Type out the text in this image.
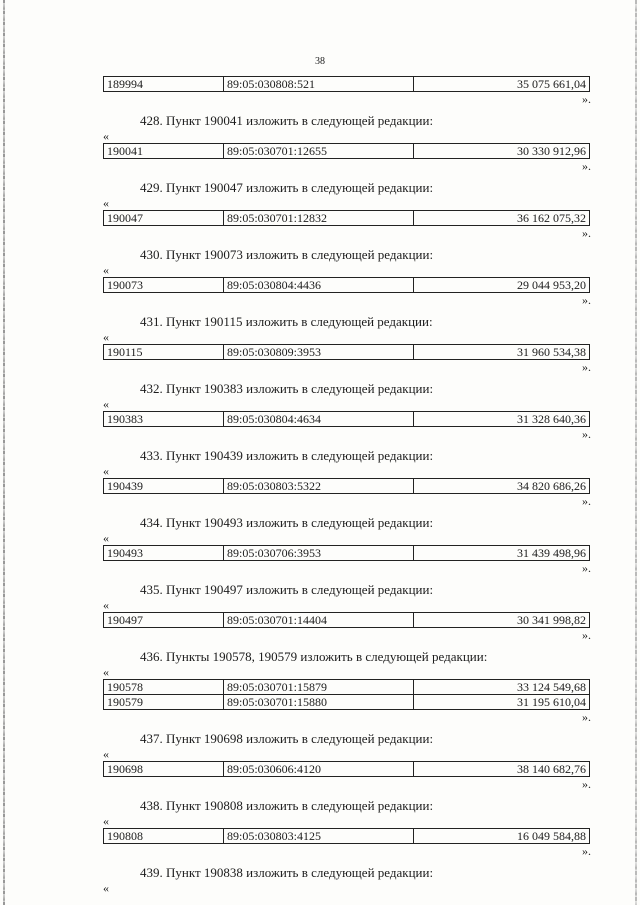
38
189994	89:05:030808:521	35 075 661,04
».
428. Пункт 190041 изложить в следующей редакции:
«
190041	89:05:030701:12655	30 330 912,96
».
429. Пункт 190047 изложить в следующей редакции:
«
190047	89:05:030701:12832	36 162 075,32
».
430. Пункт 190073 изложить в следующей редакции:
«
190073	89:05:030804:4436	29 044 953,20
».
431. Пункт 190115 изложить в следующей редакции:
«
190115	89:05:030809:3953	31 960 534,38
».
432. Пункт 190383 изложить в следующей редакции:
«
190383	89:05:030804:4634	31 328 640,36
».
433. Пункт 190439 изложить в следующей редакции:
«
190439	89:05:030803:5322	34 820 686,26
».
434. Пункт 190493 изложить в следующей редакции:
«
190493	89:05:030706:3953	31 439 498,96
».
435. Пункт 190497 изложить в следующей редакции:
«
190497	89:05:030701:14404	30 341 998,82
».
436. Пункты 190578, 190579 изложить в следующей редакции:
«
190578	89:05:030701:15879	33 124 549,68
190579	89:05:030701:15880	31 195 610,04
».
437. Пункт 190698 изложить в следующей редакции:
«
190698	89:05:030606:4120	38 140 682,76
».
438. Пункт 190808 изложить в следующей редакции:
«
190808	89:05:030803:4125	16 049 584,88
».
439. Пункт 190838 изложить в следующей редакции:
«
